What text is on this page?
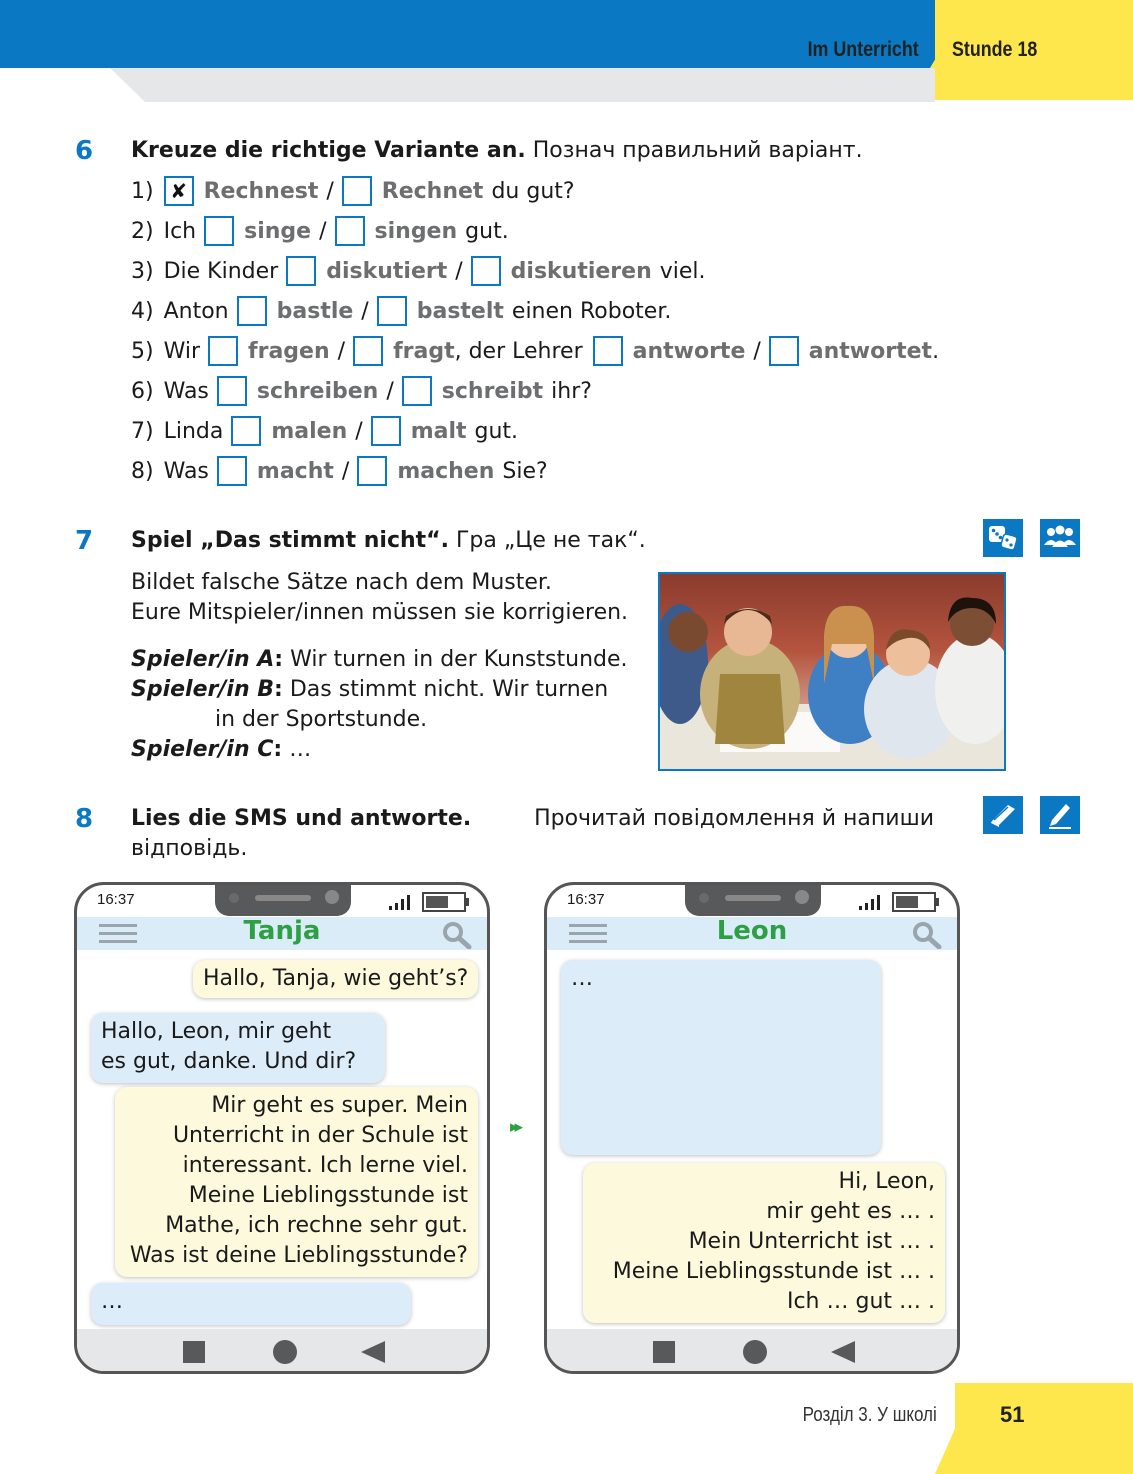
Im Unterricht Stunde 18
6 Kreuze die richtige Variante an. Познач правильний варіант.
1) ✘ Rechnest / Rechnet du gut?
2) Ich singe / singen gut.
3) Die Kinder diskutiert / diskutieren viel.
4) Anton bastle / bastelt einen Roboter.
5) Wir fragen / fragt , der Lehrer antworte / antwortet .
6) Was schreiben / schreibt ihr?
7) Linda malen / malt gut.
8) Was macht / machen Sie?
7 Spiel „Das stimmt nicht“. Гра „Це не так“.
Bildet falsche Sätze nach dem Muster.
Eure Mitspieler/innen müssen sie korrigieren.
Spieler/in A: Wir turnen in der Kunststunde.
Spieler/in B: Das stimmt nicht. Wir turnen
in der Sportstunde.
Spieler/in C: …
8 Lies die SMS und antworte.	Прочитай повідомлення й напиши
відповідь.
16:37
Tanja
Hallo, Tanja, wie geht’s?
Hallo, Leon, mir geht
es gut, danke. Und dir?
Mir geht es super. Mein
Unterricht in der Schule ist
interessant. Ich lerne viel.
Meine Lieblingsstunde ist
Mathe, ich rechne sehr gut.
Was ist deine Lieblingsstunde?
…
▸▸
16:37
Leon
…
Hi, Leon,
mir geht es … .
Mein Unterricht ist … .
Meine Lieblingsstunde ist … .
Ich … gut … .
Розділ 3. У школі	51
